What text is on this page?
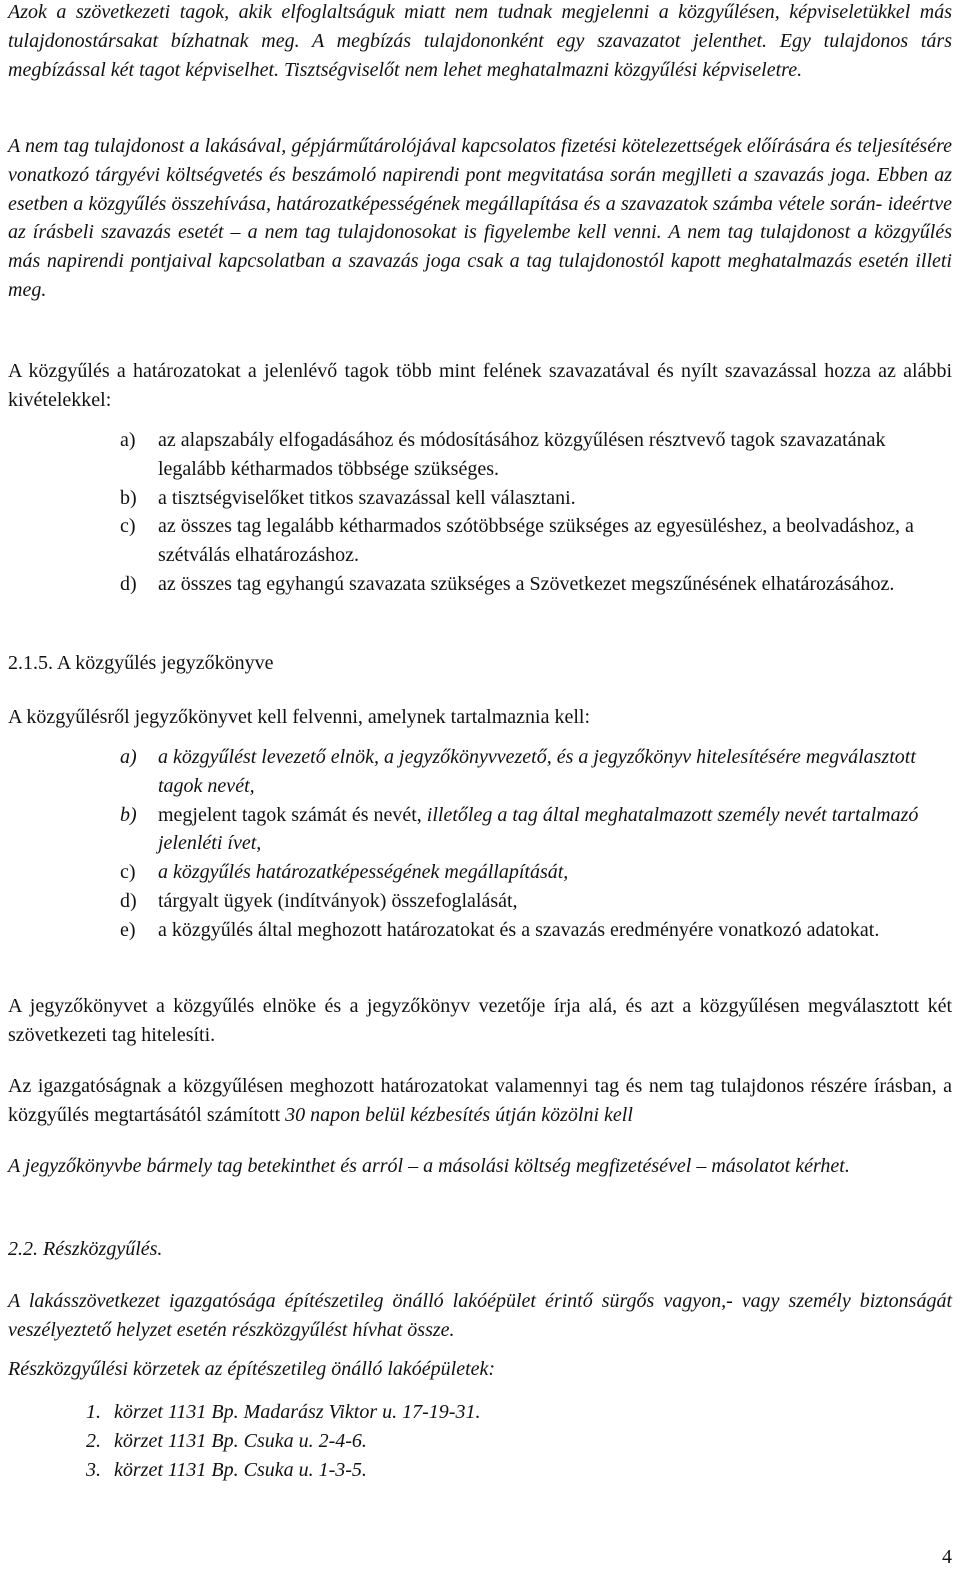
Azok a szövetkezeti tagok, akik elfoglaltságuk miatt nem tudnak megjelenni a közgyűlésen, képviseletükkel más tulajdonostársakat bízhatnak meg. A megbízás tulajdononként egy szavazatot jelenthet. Egy tulajdonos társ megbízással két tagot képviselhet. Tisztségviselőt nem lehet meghatalmazni közgyűlési képviseletre.

A nem tag tulajdonost a lakásával, gépjárműtárolójával kapcsolatos fizetési kötelezettségek előírására és teljesítésére vonatkozó tárgyévi költségvetés és beszámoló napirendi pont megvitatása során megjlleti a szavazás joga. Ebben az esetben a közgyűlés összehívása, határozatképességének megállapítása és a szavazatok számba vétele során- ideértve az írásbeli szavazás esetét – a nem tag tulajdonosokat is figyelembe kell venni. A nem tag tulajdonost a közgyűlés más napirendi pontjaival kapcsolatban a szavazás joga csak a tag tulajdonostól kapott meghatalmazás esetén illeti meg.

A közgyűlés a határozatokat a jelenlévő tagok több mint felének szavazatával és nyílt szavazással hozza az alábbi kivételekkel:

a) az alapszabály elfogadásához és módosításához közgyűlésen résztvevő tagok szavazatának legalább kétharmados többsége szükséges.
b) a tisztségviselőket titkos szavazással kell választani.
c) az összes tag legalább kétharmados szótöbbsége szükséges az egyesüléshez, a beolvadáshoz, a szétválás elhatározáshoz.
d) az összes tag egyhangú szavazata szükséges a Szövetkezet megszűnésének elhatározásához.

2.1.5. A közgyűlés jegyzőkönyve

A közgyűlésről jegyzőkönyvet kell felvenni, amelynek tartalmaznia kell:

a) a közgyűlést levezető elnök, a jegyzőkönyvvezető, és a jegyzőkönyv hitelesítésére megválasztott tagok nevét,
b) megjelent tagok számát és nevét, illetőleg a tag által meghatalmazott személy nevét tartalmazó jelenléti ívet,
c) a közgyűlés határozatképességének megállapítását,
d) tárgyalt ügyek (indítványok) összefoglalását,
e) a közgyűlés által meghozott határozatokat és a szavazás eredményére vonatkozó adatokat.

A jegyzőkönyvet a közgyűlés elnöke és a jegyzőkönyv vezetője írja alá, és azt a közgyűlésen megválasztott két szövetkezeti tag hitelesíti.

Az igazgatóságnak a közgyűlésen meghozott határozatokat valamennyi tag és nem tag tulajdonos részére írásban, a közgyűlés megtartásától számított 30 napon belül kézbesítés útján közölni kell

A jegyzőkönyvbe bármely tag betekinthet és arról – a másolási költség megfizetésével – másolatot kérhet.

2.2. Részközgyűlés.

A lakásszövetkezet igazgatósága építészetileg önálló lakóépület érintő sürgős vagyon,- vagy személy biztonságát veszélyeztető helyzet esetén részközgyűlést hívhat össze.

Részközgyűlési körzetek az építészetileg önálló lakóépületek:

1. körzet 1131 Bp. Madarász Viktor u. 17-19-31.
2. körzet 1131 Bp. Csuka u. 2-4-6.
3. körzet 1131 Bp. Csuka u. 1-3-5.
4
